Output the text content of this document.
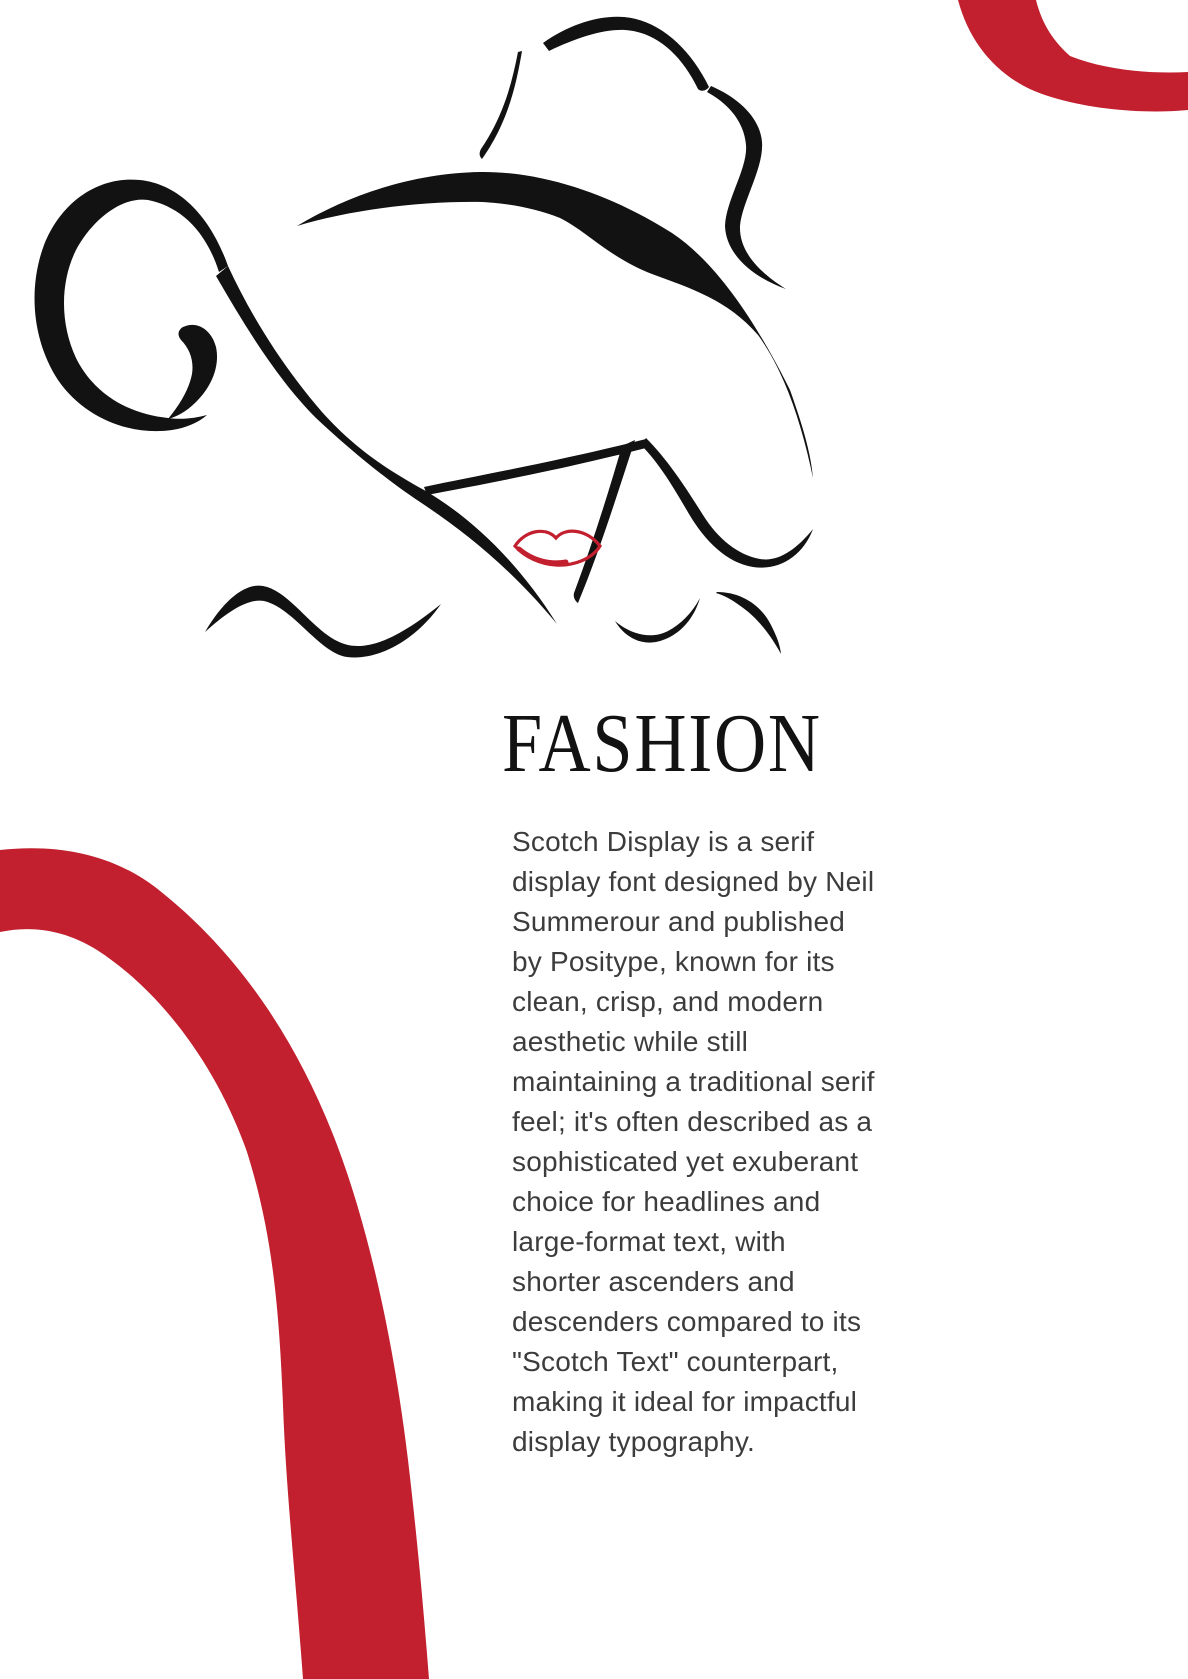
FASHION
Scotch Display is a serif
display font designed by Neil
Summerour and published
by Positype, known for its
clean, crisp, and modern
aesthetic while still
maintaining a traditional serif
feel; it's often described as a
sophisticated yet exuberant
choice for headlines and
large-format text, with
shorter ascenders and
descenders compared to its
"Scotch Text" counterpart,
making it ideal for impactful
display typography.
